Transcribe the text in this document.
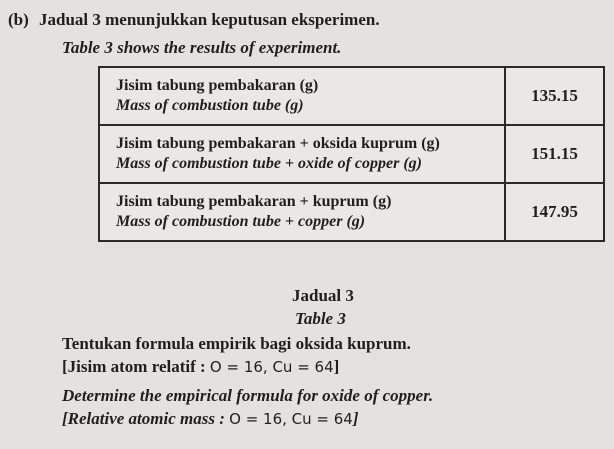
(b) Jadual 3 menunjukkan keputusan eksperimen.
Table 3 shows the results of experiment.
Jisim tabung pembakaran (g)
Mass of combustion tube (g)	135.15

Jisim tabung pembakaran + oksida kuprum (g)
Mass of combustion tube + oxide of copper (g)	151.15

Jisim tabung pembakaran + kuprum (g)
Mass of combustion tube + copper (g)	147.95
Jadual 3
Table 3
Tentukan formula empirik bagi oksida kuprum.
[Jisim atom relatif : O = 16, Cu = 64]
Determine the empirical formula for oxide of copper.
[Relative atomic mass : O = 16, Cu = 64]
